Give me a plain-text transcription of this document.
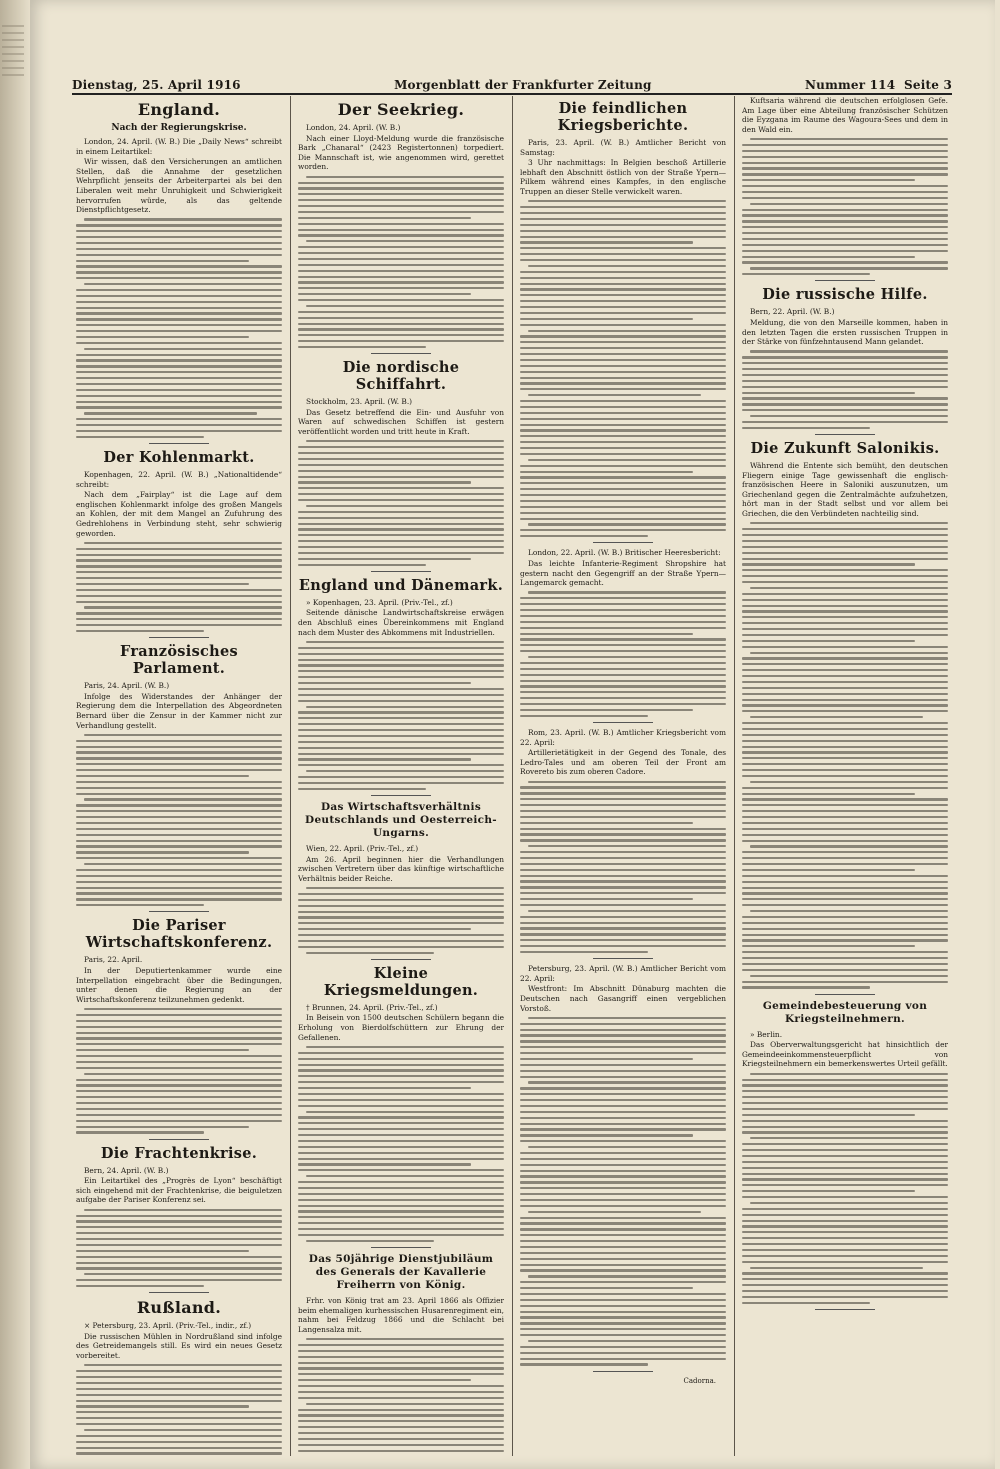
Dienstag, 25. April 1916	Morgenblatt der Frankfurter Zeitung	Nummer 114 Seite 3
England.
Nach der Regierungskrise.

London, 24. April. (W. B.) Die „Daily News“ schreibt in einem Leitartikel:

Wir wissen, daß den Versicherungen an amtlichen Stellen, daß die Annahme der gesetzlichen Wehrpflicht jenseits der Arbeiterpartei als bei den Liberalen weit mehr Unruhigkeit und Schwierigkeit hervorrufen würde, als das geltende Dienstpflichtgesetz.

Der Kohlenmarkt.

Kopenhagen, 22. April. (W. B.) „Nationaltidende“ schreibt:

Nach dem „Fairplay“ ist die Lage auf dem englischen Kohlenmarkt infolge des großen Mangels an Kohlen, der mit dem Mangel an Zufuhrung des Gedrehlohens in Verbindung steht, sehr schwierig geworden.

Französisches Parlament.

Paris, 24. April. (W. B.)

Infolge des Widerstandes der Anhänger der Regierung dem die Interpellation des Abgeordneten Bernard über die Zensur in der Kammer nicht zur Verhandlung gestellt.

Die Pariser Wirtschaftskonferenz.

Paris, 22. April.

In der Deputiertenkammer wurde eine Interpellation eingebracht über die Bedingungen, unter denen die Regierung an der Wirtschaftskonferenz teilzunehmen gedenkt.

Die Frachtenkrise.

Bern, 24. April. (W. B.)

Ein Leitartikel des „Progrès de Lyon“ beschäftigt sich eingehend mit der Frachtenkrise, die beiguletzen aufgabe der Pariser Konferenz sei.

Rußland.

× Petersburg, 23. April. (Priv.-Tel., indir., zf.)

Die russischen Mühlen in Nordrußland sind infolge des Getreidemangels still. Es wird ein neues Gesetz vorbereitet.

Der Seekrieg.

London, 24. April. (W. B.)

Nach einer Lloyd-Meldung wurde die französische Bark „Chanaral“ (2423 Registertonnen) torpediert. Die Mannschaft ist, wie angenommen wird, gerettet worden.

Die nordische Schiffahrt.

Stockholm, 23. April. (W. B.)

Das Gesetz betreffend die Ein- und Ausfuhr von Waren auf schwedischen Schiffen ist gestern veröffentlicht worden und tritt heute in Kraft.

England und Dänemark.

» Kopenhagen, 23. April. (Priv.-Tel., zf.)

Seitende dänische Landwirtschaftskreise erwägen den Abschluß eines Übereinkommens mit England nach dem Muster des Abkommens mit Industriellen.

Das Wirtschaftsverhältnis Deutschlands und Oesterreich-Ungarns.

Wien, 22. April. (Priv.-Tel., zf.)

Am 26. April beginnen hier die Verhandlungen zwischen Vertretern über das künftige wirtschaftliche Verhältnis beider Reiche.

Kleine Kriegsmeldungen.

† Brunnen, 24. April. (Priv.-Tel., zf.)

In Beisein von 1500 deutschen Schülern begann die Erholung von Bierdolfschüttern zur Ehrung der Gefallenen.

Das 50jährige Dienstjubiläum des Generals der Kavallerie Freiherrn von König.

Frhr. von König trat am 23. April 1866 als Offizier beim ehemaligen kurhessischen Husarenregiment ein, nahm bei Feldzug 1866 und die Schlacht bei Langensalza mit.

Die feindlichen Kriegsberichte.

Paris, 23. April. (W. B.) Amtlicher Bericht von Samstag:

3 Uhr nachmittags: In Belgien beschoß Artillerie lebhaft den Abschnitt östlich von der Straße Ypern—Pilkem während eines Kampfes, in den englische Truppen an dieser Stelle verwickelt waren.

London, 22. April. (W. B.) Britischer Heeresbericht:

Das leichte Infanterie-Regiment Shropshire hat gestern nacht den Gegengriff an der Straße Ypern—Langemarck gemacht.

Rom, 23. April. (W. B.) Amtlicher Kriegsbericht vom 22. April:

Artillerietätigkeit in der Gegend des Tonale, des Ledro-Tales und am oberen Teil der Front am Rovereto bis zum oberen Cadore.

Petersburg, 23. April. (W. B.) Amtlicher Bericht vom 22. April:

Westfront: Im Abschnitt Dünaburg machten die Deutschen nach Gasangriff einen vergeblichen Vorstoß.

Cadorna.

Kuftsaria während die deutschen erfolglosen Gefe. Am Lage über eine Abteilung französischer Schützen die Eyzgana im Raume des Wagoura-Sees und dem in den Wald ein.

Die russische Hilfe.

Bern, 22. April. (W. B.)

Meldung, die von den Marseille kommen, haben in den letzten Tagen die ersten russischen Truppen in der Stärke von fünfzehntausend Mann gelandet.

Die Zukunft Salonikis.

Während die Entente sich bemüht, den deutschen Fliegern einige Tage gewissenhaft die englisch-französischen Heere in Saloniki auszunutzen, um Griechenland gegen die Zentralmächte aufzuhetzen, hört man in der Stadt selbst und vor allem bei Griechen, die den Verbündeten nachteilig sind.

Gemeindebesteuerung von Kriegsteilnehmern.

» Berlin.

Das Oberverwaltungsgericht hat hinsichtlich der Gemeindeeinkommensteuerpflicht von Kriegsteilnehmern ein bemerkenswertes Urteil gefällt.
